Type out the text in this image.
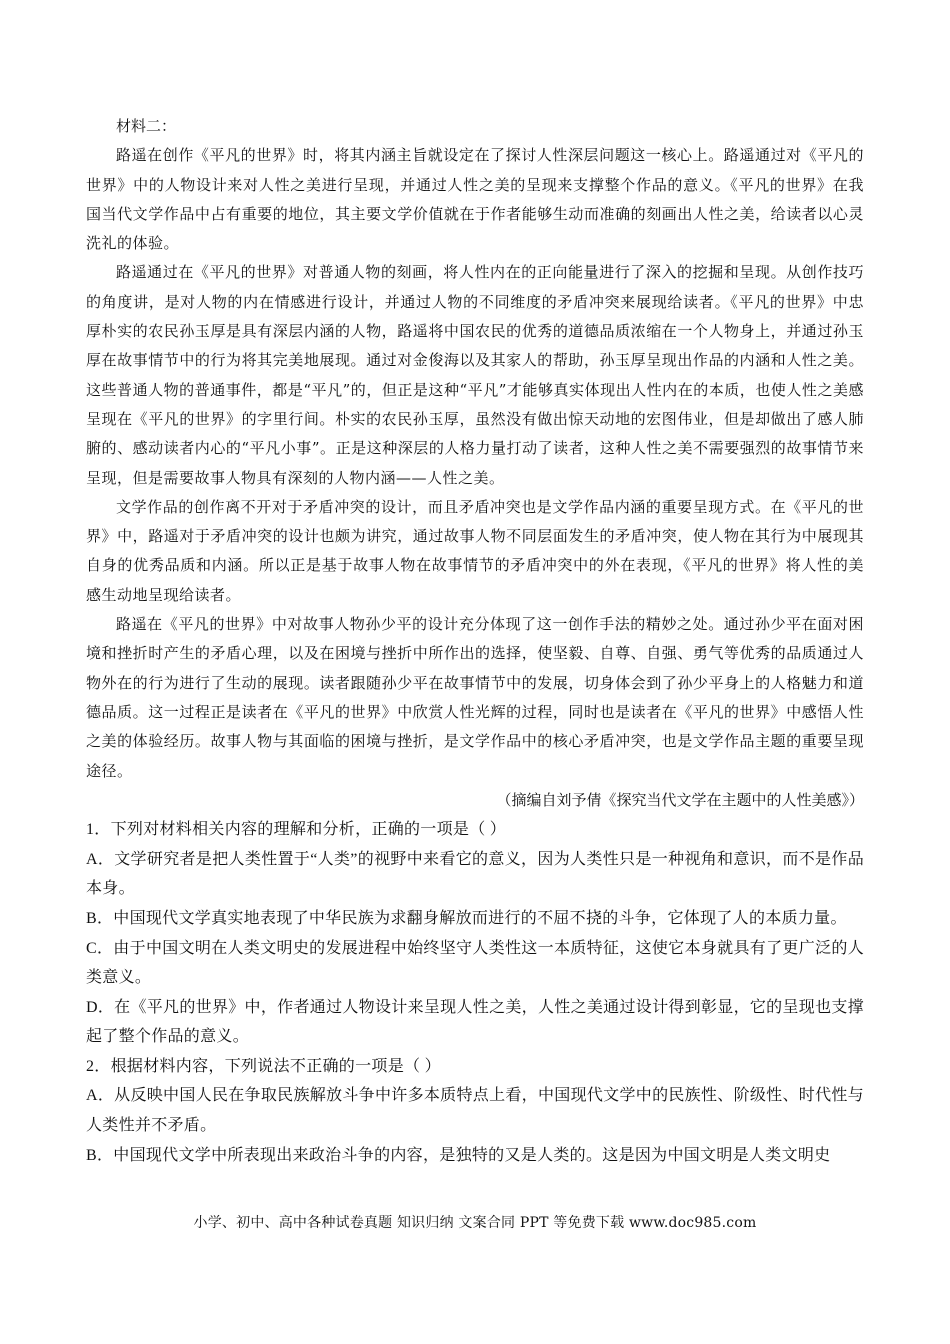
材料二：

路遥在创作《平凡的世界》时，将其内涵主旨就设定在了探讨人性深层问题这一核心上。路遥通过对《平凡的世界》中的人物设计来对人性之美进行呈现，并通过人性之美的呈现来支撑整个作品的意义。《平凡的世界》在我国当代文学作品中占有重要的地位，其主要文学价值就在于作者能够生动而准确的刻画出人性之美，给读者以心灵洗礼的体验。

路遥通过在《平凡的世界》对普通人物的刻画，将人性内在的正向能量进行了深入的挖掘和呈现。从创作技巧的角度讲，是对人物的内在情感进行设计，并通过人物的不同维度的矛盾冲突来展现给读者。《平凡的世界》中忠厚朴实的农民孙玉厚是具有深层内涵的人物，路遥将中国农民的优秀的道德品质浓缩在一个人物身上，并通过孙玉厚在故事情节中的行为将其完美地展现。通过对金俊海以及其家人的帮助，孙玉厚呈现出作品的内涵和人性之美。这些普通人物的普通事件，都是“平凡”的，但正是这种“平凡”才能够真实体现出人性内在的本质，也使人性之美感呈现在《平凡的世界》的字里行间。朴实的农民孙玉厚，虽然没有做出惊天动地的宏图伟业，但是却做出了感人肺腑的、感动读者内心的“平凡小事”。正是这种深层的人格力量打动了读者，这种人性之美不需要强烈的故事情节来呈现，但是需要故事人物具有深刻的人物内涵——人性之美。

文学作品的创作离不开对于矛盾冲突的设计，而且矛盾冲突也是文学作品内涵的重要呈现方式。在《平凡的世界》中，路遥对于矛盾冲突的设计也颇为讲究，通过故事人物不同层面发生的矛盾冲突，使人物在其行为中展现其自身的优秀品质和内涵。所以正是基于故事人物在故事情节的矛盾冲突中的外在表现，《平凡的世界》将人性的美感生动地呈现给读者。

路遥在《平凡的世界》中对故事人物孙少平的设计充分体现了这一创作手法的精妙之处。通过孙少平在面对困境和挫折时产生的矛盾心理，以及在困境与挫折中所作出的选择，使坚毅、自尊、自强、勇气等优秀的品质通过人物外在的行为进行了生动的展现。读者跟随孙少平在故事情节中的发展，切身体会到了孙少平身上的人格魅力和道德品质。这一过程正是读者在《平凡的世界》中欣赏人性光辉的过程，同时也是读者在《平凡的世界》中感悟人性之美的体验经历。故事人物与其面临的困境与挫折，是文学作品中的核心矛盾冲突，也是文学作品主题的重要呈现途径。

（摘编自刘予倩《探究当代文学在主题中的人性美感》）

1．下列对材料相关内容的理解和分析，正确的一项是（ ）

A．文学研究者是把人类性置于“人类”的视野中来看它的意义，因为人类性只是一种视角和意识，而不是作品本身。

B．中国现代文学真实地表现了中华民族为求翻身解放而进行的不屈不挠的斗争，它体现了人的本质力量。

C．由于中国文明在人类文明史的发展进程中始终坚守人类性这一本质特征，这使它本身就具有了更广泛的人类意义。

D．在《平凡的世界》中，作者通过人物设计来呈现人性之美，人性之美通过设计得到彰显，它的呈现也支撑起了整个作品的意义。

2．根据材料内容，下列说法不正确的一项是（ ）

A．从反映中国人民在争取民族解放斗争中许多本质特点上看，中国现代文学中的民族性、阶级性、时代性与人类性并不矛盾。

B．中国现代文学中所表现出来政治斗争的内容，是独特的又是人类的。这是因为中国文明是人类文明史

小学、初中、高中各种试卷真题 知识归纳 文案合同 PPT 等免费下载 www.doc985.com
